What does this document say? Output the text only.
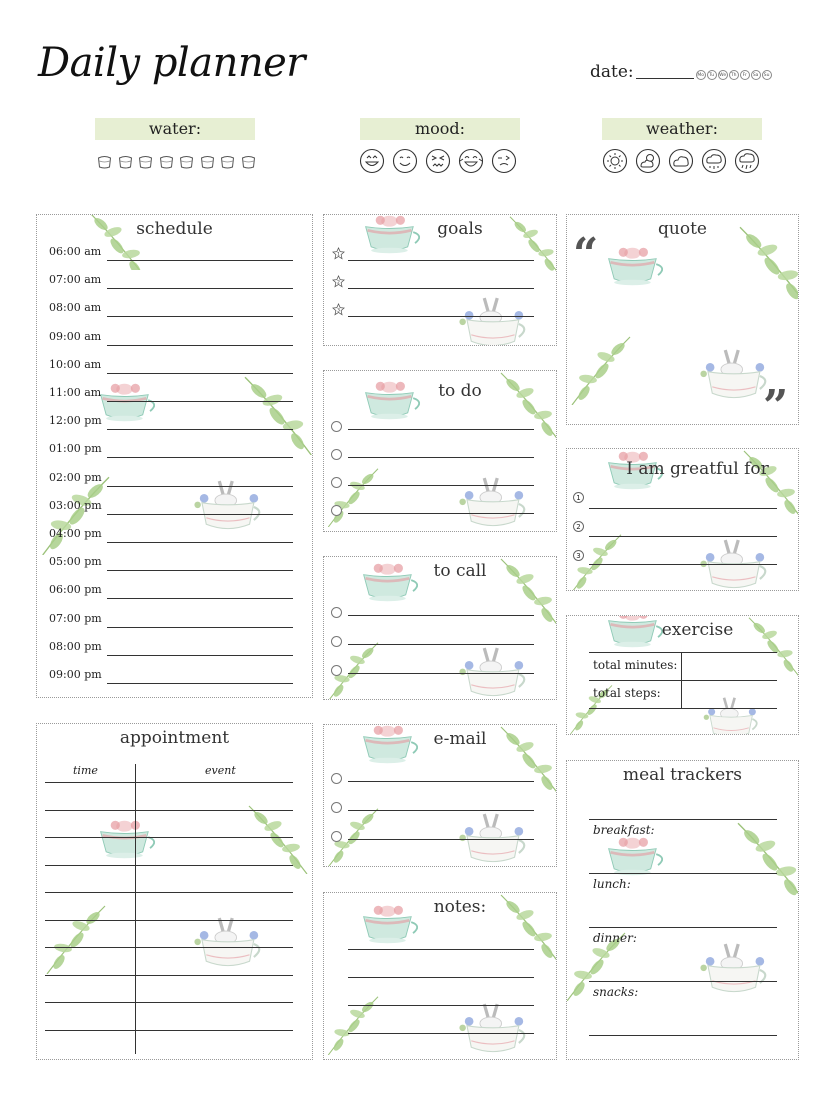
Daily planner	date:	Mo	Tu	We	Th	Fr	Sa	Su
water:	mood:	weather:
schedule
06:00 am
07:00 am
08:00 am
09:00 am
10:00 am
11:00 am
12:00 pm
01:00 pm
02:00 pm
03:00 pm
04:00 pm
05:00 pm
06:00 pm
07:00 pm
08:00 pm
09:00 pm
appointment
time	event
goals
1
2
3
to do
to call
e-mail
notes:
quote
“
”
I am greatful for
1
2
3
exercise
total minutes:
total steps:
meal trackers
breakfast:
lunch:
dinner:
snacks:
